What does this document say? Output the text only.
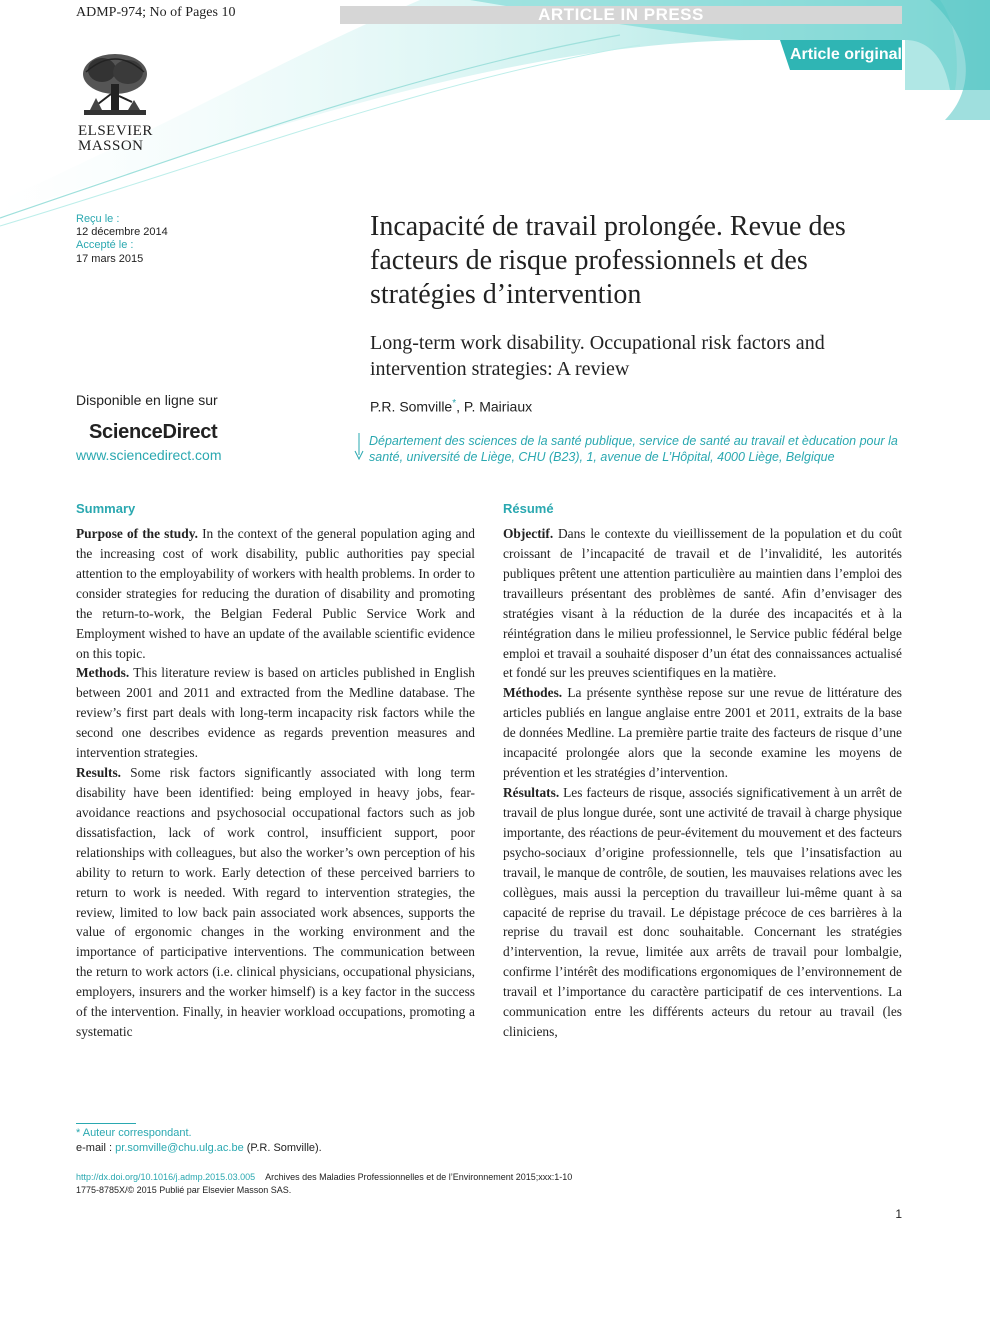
ADMP-974; No of Pages 10	ARTICLE IN PRESS
Article original
ELSEVIER
MASSON
Reçu le :
12 décembre 2014
Accepté le :
17 mars 2015
Disponible en ligne sur
ScienceDirect
www.sciencedirect.com
Incapacité de travail prolongée. Revue des facteurs de risque professionnels et des stratégies d’intervention
Long-term work disability. Occupational risk factors and intervention strategies: A review
P.R. Somville*, P. Mairiaux
Département des sciences de la santé publique, service de santé au travail et èducation pour la santé, université de Liège, CHU (B23), 1, avenue de L’Hôpital, 4000 Liège, Belgique
Summary

Purpose of the study. In the context of the general population aging and the increasing cost of work disability, public authorities pay special attention to the employability of workers with health problems. In order to consider strategies for reducing the duration of disability and promoting the return-to-work, the Belgian Federal Public Service Work and Employment wished to have an update of the available scientific evidence on this topic.

Methods. This literature review is based on articles published in English between 2001 and 2011 and extracted from the Medline database. The review’s first part deals with long-term incapacity risk factors while the second one describes evidence as regards prevention measures and intervention strategies.

Results. Some risk factors significantly associated with long term disability have been identified: being employed in heavy jobs, fear-avoidance reactions and psychosocial occupational factors such as job dissatisfaction, lack of work control, insufficient support, poor relationships with colleagues, but also the worker’s own perception of his ability to return to work. Early detection of these perceived barriers to return to work is needed. With regard to intervention strategies, the review, limited to low back pain associated work absences, supports the value of ergonomic changes in the working environment and the importance of participative interventions. The communication between the return to work actors (i.e. clinical physicians, occupational physicians, employers, insurers and the worker himself) is a key factor in the success of the intervention. Finally, in heavier workload occupations, promoting a systematic

Résumé

Objectif. Dans le contexte du vieillissement de la population et du coût croissant de l’incapacité de travail et de l’invalidité, les autorités publiques prêtent une attention particulière au maintien dans l’emploi des travailleurs présentant des problèmes de santé. Afin d’envisager des stratégies visant à la réduction de la durée des incapacités et à la réintégration dans le milieu professionnel, le Service public fédéral belge emploi et travail a souhaité disposer d’un état des connaissances actualisé et fondé sur les preuves scientifiques en la matière.

Méthodes. La présente synthèse repose sur une revue de littérature des articles publiés en langue anglaise entre 2001 et 2011, extraits de la base de données Medline. La première partie traite des facteurs de risque d’une incapacité prolongée alors que la seconde examine les moyens de prévention et les stratégies d’intervention.

Résultats. Les facteurs de risque, associés significativement à un arrêt de travail de plus longue durée, sont une activité de travail à charge physique importante, des réactions de peur-évitement du mouvement et des facteurs psycho-sociaux d’origine professionnelle, tels que l’insatisfaction au travail, le manque de contrôle, de soutien, les mauvaises relations avec les collègues, mais aussi la perception du travailleur lui-même quant à sa capacité de reprise du travail. Le dépistage précoce de ces barrières à la reprise du travail est donc souhaitable. Concernant les stratégies d’intervention, la revue, limitée aux arrêts de travail pour lombalgie, confirme l’intérêt des modifications ergonomiques de l’environnement de travail et l’importance du caractère participatif de ces interventions. La communication entre les différents acteurs du retour au travail (les cliniciens,

* Auteur correspondant.
e-mail : pr.somville@chu.ulg.ac.be (P.R. Somville).
http://dx.doi.org/10.1016/j.admp.2015.03.005 Archives des Maladies Professionnelles et de l’Environnement 2015;xxx:1-10
1775-8785X/© 2015 Publié par Elsevier Masson SAS.
1
